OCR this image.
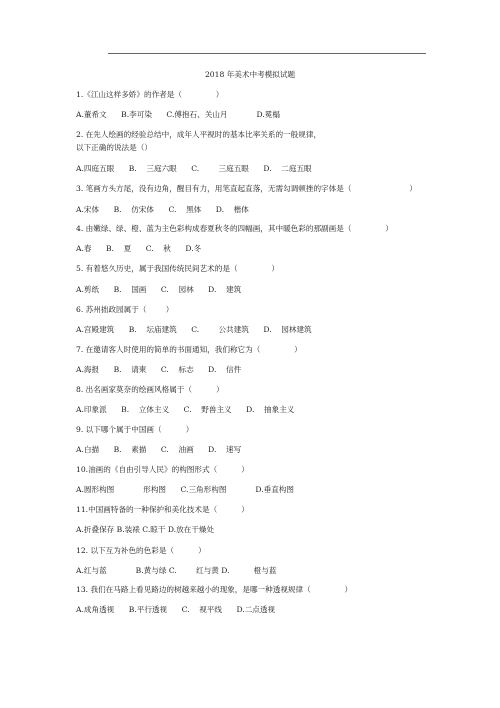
2018 年美术中考模拟试题
1.《江山这样多娇》的作者是（              ）
A.董希文      B.李可染      C.傅抱石、关山月            D.冕榻
2. 在先人绘画的经验总结中，成年人平视时的基本比率关系的一般规律，
以下正确的说法是（）
A.四庭五眼      B.    三庭六眼      C.        三庭五眼      D.    二庭五眼
3. 笔画方头方尾，没有边角，醒目有力，用笔直起直落，无需勾调顿挫的字体是（                        ）
A.宋体      B.    仿宋体      C.    黑体      D.    楷体
4. 由嫩绿、绿、橙、蓝为主色彩构成春夏秋冬的四幅画，其中暖色彩的那副画是（              ）
A.春      B.    夏      C.    秋      D.冬
5. 有着悠久历史，属于我国传统民间艺术的是（              ）
A.剪纸      B.    国画      C.    园林      D.    建筑
6. 苏州拙政园属于（        ）
A.宫殿建筑      B.    坛庙建筑      C.        公共建筑      D.    园林建筑
7. 在邀请客人时使用的简单的书面通知，我们称它为（              ）
A.海报      B.    请柬      C.    标志      D.    信件
8. 出名画家莫奈的绘画风格属于（          ）
A.印象派      B.    立体主义      C.    野兽主义      D.    抽象主义
9. 以下哪个属于中国画（          ）
A.白描      B.    素描      C.    油画      D.    速写
10.油画的《自由引导人民》的构图形式（          ）
A.圆形构图            形构图      C.三角形构图            D.垂直构图
11.中国画特备的一种保护和美化技术是（          ）
A.折叠保存 B.装裱 C.晾干 D.放在干燥处
12. 以下互为补色的色彩是（          ）
A.红与蓝            B.黄与绿 C.        红与黄 D.          橙与蓝
13. 我们在马路上看见路边的树越来越小的现象，是哪一种透视规律（              ）
A.成角透视      B.平行透视      C.    视平线      D.二点透视
